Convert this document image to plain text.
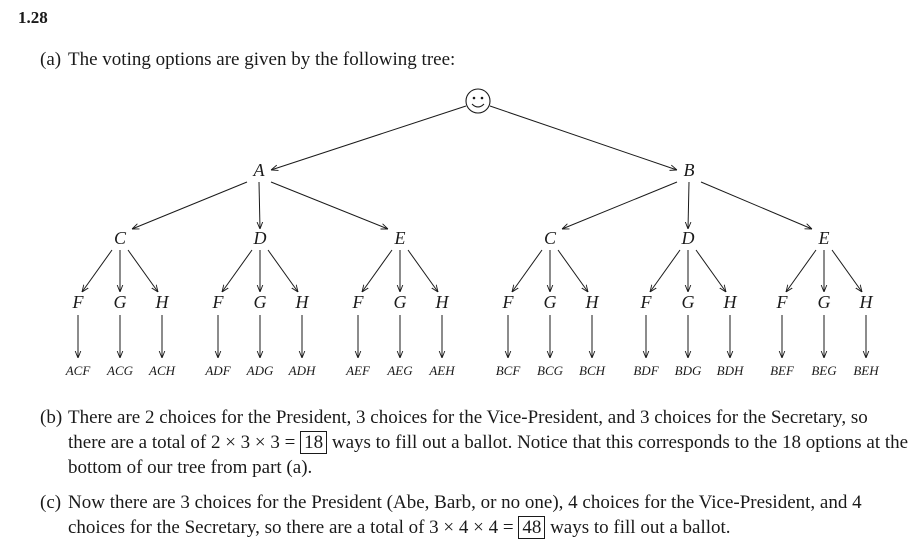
1.28
(a) The voting options are given by the following tree:
A
C
F
ACF
G
ACG
H
ACH
D
F
ADF
G
ADG
H
ADH
E
F
AEF
G
AEG
H
AEH
B
C
F
BCF
G
BCG
H
BCH
D
F
BDF
G
BDG
H
BDH
E
F
BEF
G
BEG
H
BEH
(b) There are 2 choices for the President, 3 choices for the Vice-President, and 3 choices for the Secretary, so there are a total of 2 × 3 × 3 = 18 ways to fill out a ballot. Notice that this corresponds to the 18 options at the bottom of our tree from part (a).
(c) Now there are 3 choices for the President (Abe, Barb, or no one), 4 choices for the Vice-President, and 4 choices for the Secretary, so there are a total of 3 × 4 × 4 = 48 ways to fill out a ballot.
